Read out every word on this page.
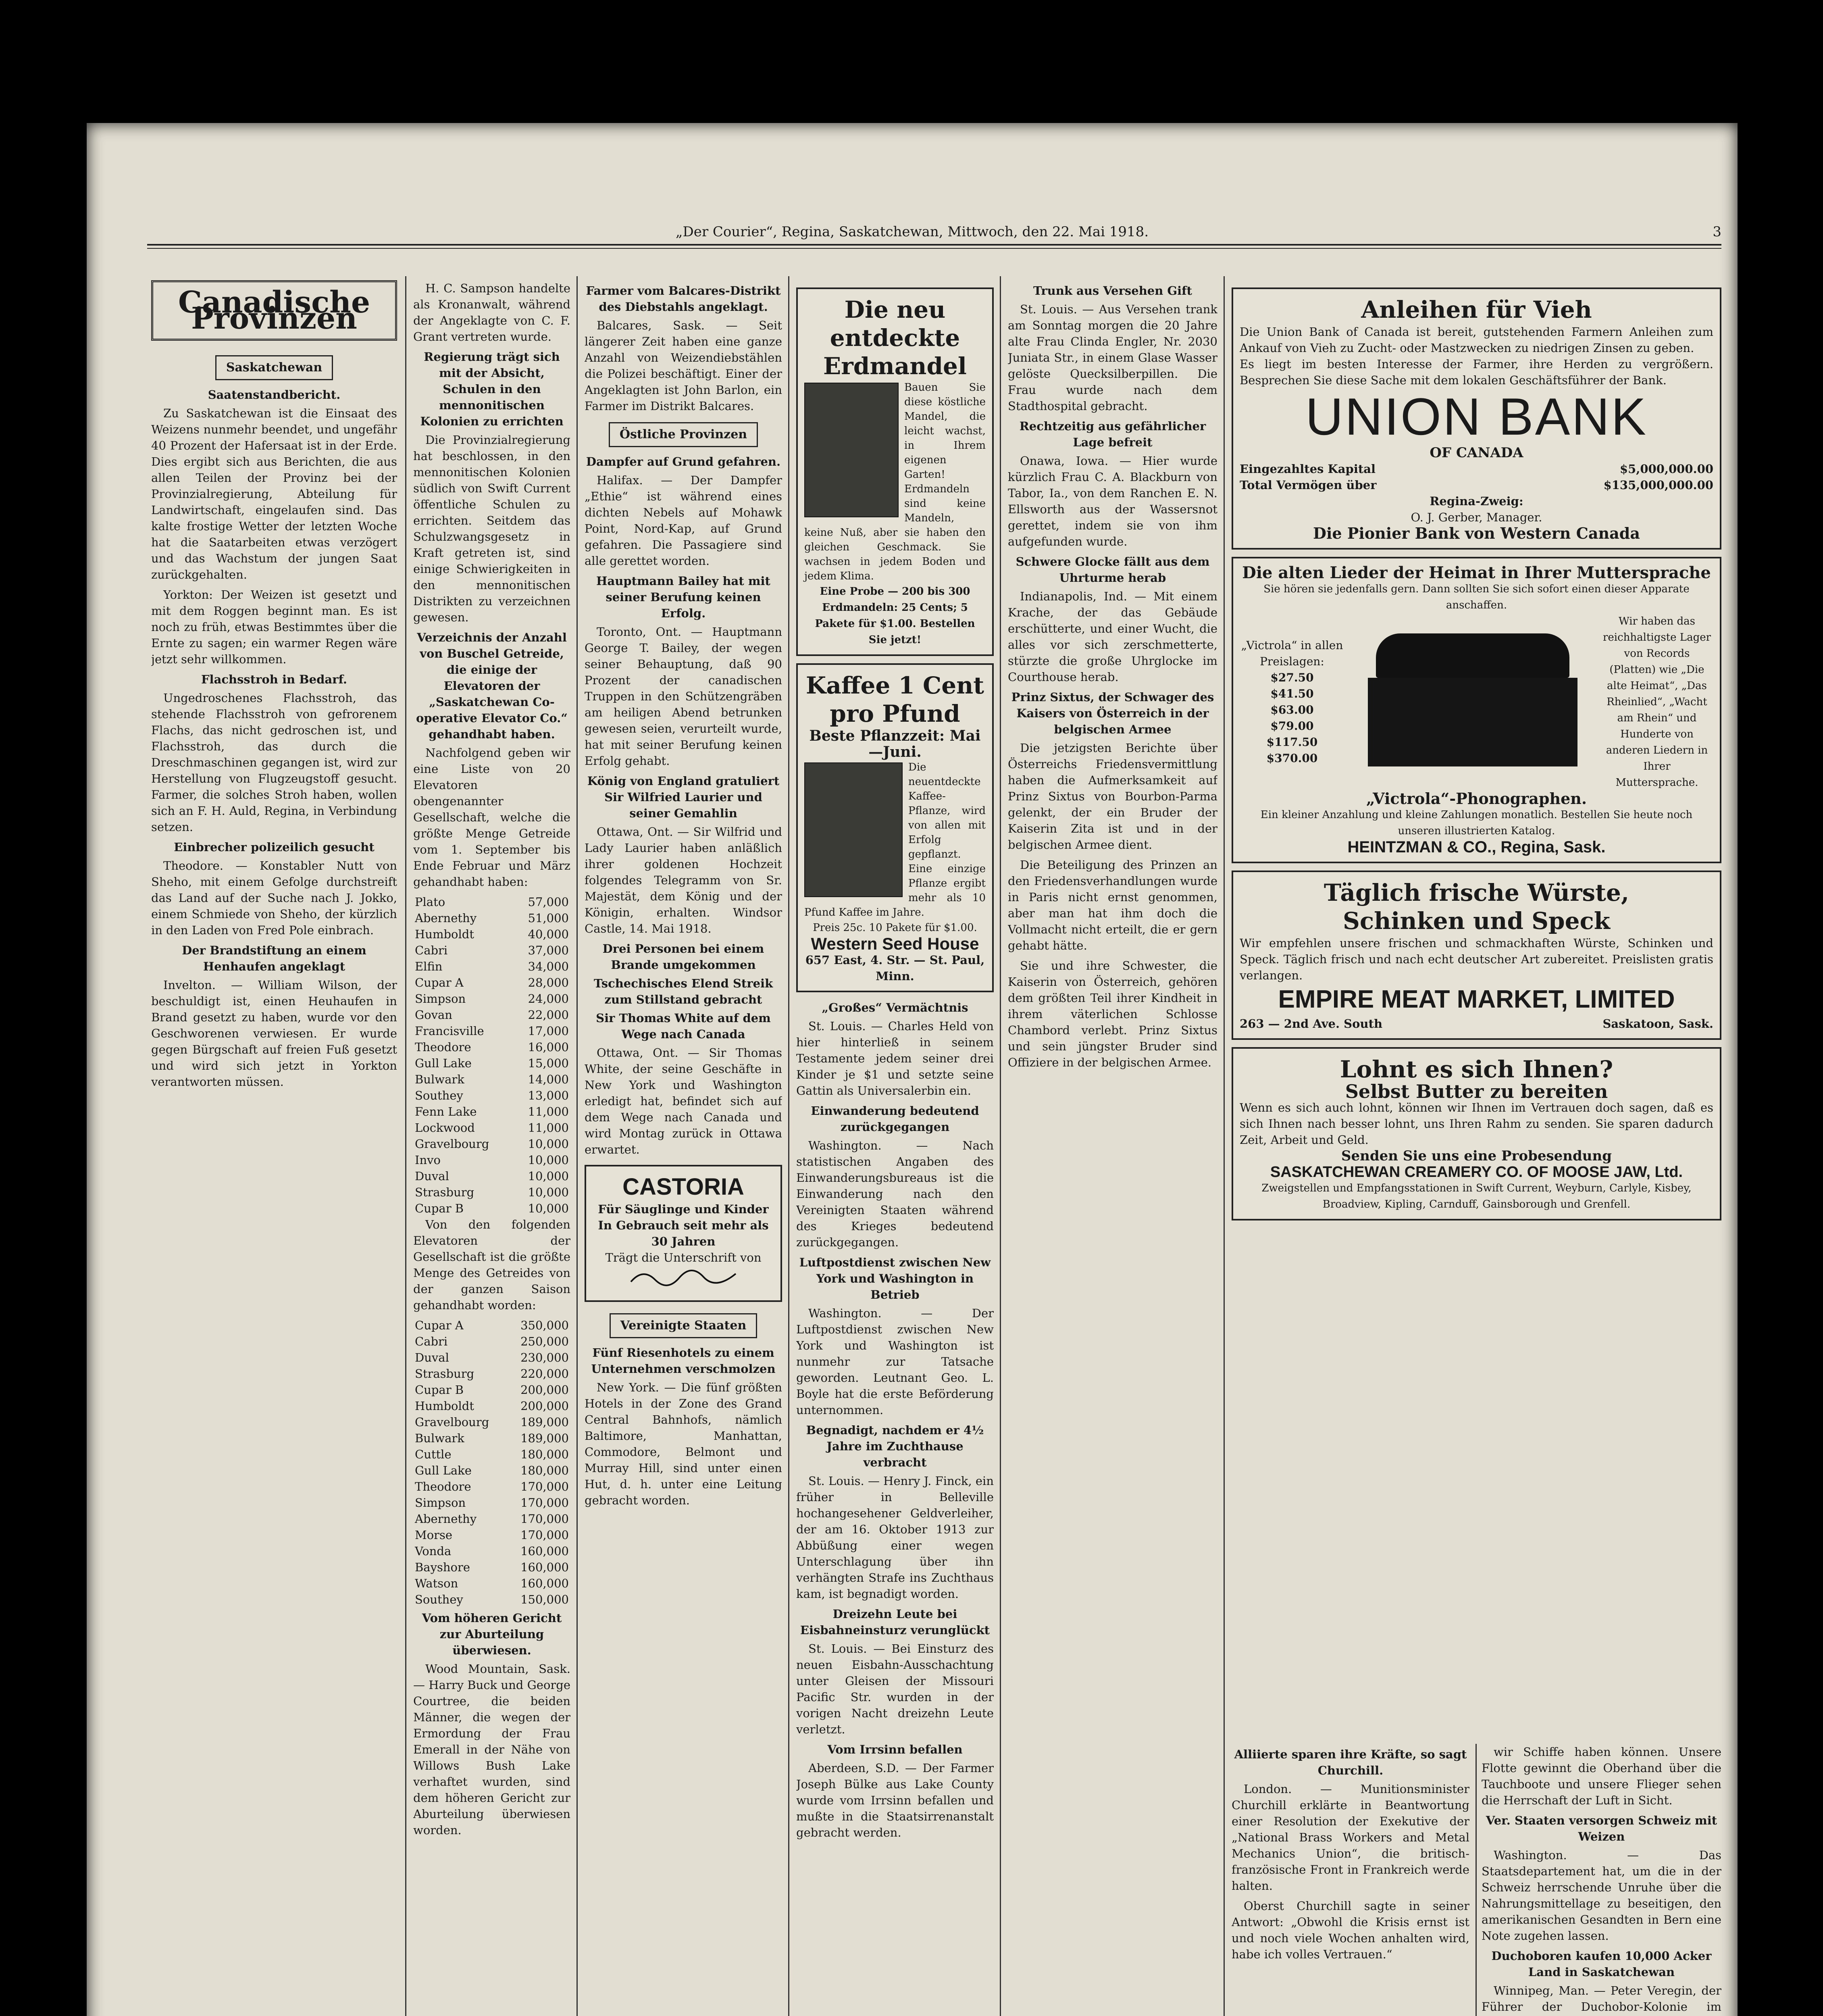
„Der Courier“, Regina, Saskatchewan, Mittwoch, den 22. Mai 1918.	3
Canadische Provinzen
Saskatchewan
Saatenstandbericht.

Zu Saskatchewan ist die Einsaat des Weizens nunmehr beendet, und ungefähr 40 Prozent der Hafersaat ist in der Erde. Dies ergibt sich aus Berichten, die aus allen Teilen der Provinz bei der Provinzialregierung, Abteilung für Landwirtschaft, eingelaufen sind. Das kalte frostige Wetter der letzten Woche hat die Saatarbeiten etwas verzögert und das Wachstum der jungen Saat zurückgehalten.

Yorkton: Der Weizen ist gesetzt und mit dem Roggen beginnt man. Es ist noch zu früh, etwas Bestimmtes über die Ernte zu sagen; ein warmer Regen wäre jetzt sehr willkommen.

Flachsstroh in Bedarf.

Ungedroschenes Flachsstroh, das stehende Flachsstroh von gefrorenem Flachs, das nicht gedroschen ist, und Flachsstroh, das durch die Dreschmaschinen gegangen ist, wird zur Herstellung von Flugzeugstoff gesucht. Farmer, die solches Stroh haben, wollen sich an F. H. Auld, Regina, in Verbindung setzen.

Einbrecher polizeilich gesucht

Theodore. — Konstabler Nutt von Sheho, mit einem Gefolge durchstreift das Land auf der Suche nach J. Jokko, einem Schmiede von Sheho, der kürzlich in den Laden von Fred Pole einbrach.

Der Brandstiftung an einem Henhaufen angeklagt

Invelton. — William Wilson, der beschuldigt ist, einen Heuhaufen in Brand gesetzt zu haben, wurde vor den Geschworenen verwiesen. Er wurde gegen Bürgschaft auf freien Fuß gesetzt und wird sich jetzt in Yorkton verantworten müssen.

H. C. Sampson handelte als Kronanwalt, während der Angeklagte von C. F. Grant vertreten wurde.

Regierung trägt sich mit der Absicht, Schulen in den mennonitischen Kolonien zu errichten

Die Provinzialregierung hat beschlossen, in den mennonitischen Kolonien südlich von Swift Current öffentliche Schulen zu errichten. Seitdem das Schulzwangsgesetz in Kraft getreten ist, sind einige Schwierigkeiten in den mennonitischen Distrikten zu verzeichnen gewesen.

Verzeichnis der Anzahl von Buschel Getreide, die einige der Elevatoren der „Saskatchewan Co-operative Elevator Co.“ gehandhabt haben.

Nachfolgend geben wir eine Liste von 20 Elevatoren obengenannter Gesellschaft, welche die größte Menge Getreide vom 1. September bis Ende Februar und März gehandhabt haben:

Plato	57,000
Abernethy	51,000
Humboldt	40,000
Cabri	37,000
Elfin	34,000
Cupar A	28,000
Simpson	24,000
Govan	22,000
Francisville	17,000
Theodore	16,000
Gull Lake	15,000
Bulwark	14,000
Southey	13,000
Fenn Lake	11,000
Lockwood	11,000
Gravelbourg	10,000
Invo	10,000
Duval	10,000
Strasburg	10,000
Cupar B	10,000

Von den folgenden Elevatoren der Gesellschaft ist die größte Menge des Getreides von der ganzen Saison gehandhabt worden:

Cupar A	350,000
Cabri	250,000
Duval	230,000
Strasburg	220,000
Cupar B	200,000
Humboldt	200,000
Gravelbourg	189,000
Bulwark	189,000
Cuttle	180,000
Gull Lake	180,000
Theodore	170,000
Simpson	170,000
Abernethy	170,000
Morse	170,000
Vonda	160,000
Bayshore	160,000
Watson	160,000
Southey	150,000
Vom höheren Gericht zur Aburteilung überwiesen.

Wood Mountain, Sask. — Harry Buck und George Courtree, die beiden Männer, die wegen der Ermordung der Frau Emerall in der Nähe von Willows Bush Lake verhaftet wurden, sind dem höheren Gericht zur Aburteilung überwiesen worden.

Farmer vom Balcares-Distrikt des Diebstahls angeklagt.

Balcares, Sask. — Seit längerer Zeit haben eine ganze Anzahl von Weizendiebstählen die Polizei beschäftigt. Einer der Angeklagten ist John Barlon, ein Farmer im Distrikt Balcares.

Östliche Provinzen
Dampfer auf Grund gefahren.

Halifax. — Der Dampfer „Ethie“ ist während eines dichten Nebels auf Mohawk Point, Nord-Kap, auf Grund gefahren. Die Passagiere sind alle gerettet worden.

Hauptmann Bailey hat mit seiner Berufung keinen Erfolg.

Toronto, Ont. — Hauptmann George T. Bailey, der wegen seiner Behauptung, daß 90 Prozent der canadischen Truppen in den Schützengräben am heiligen Abend betrunken gewesen seien, verurteilt wurde, hat mit seiner Berufung keinen Erfolg gehabt.

König von England gratuliert Sir Wilfried Laurier und seiner Gemahlin

Ottawa, Ont. — Sir Wilfrid und Lady Laurier haben anläßlich ihrer goldenen Hochzeit folgendes Telegramm von Sr. Majestät, dem König und der Königin, erhalten. Windsor Castle, 14. Mai 1918.

Drei Personen bei einem Brande umgekommen
Tschechisches Elend Streik zum Stillstand gebracht
Sir Thomas White auf dem Wege nach Canada

Ottawa, Ont. — Sir Thomas White, der seine Geschäfte in New York und Washington erledigt hat, befindet sich auf dem Wege nach Canada und wird Montag zurück in Ottawa erwartet.

CASTORIA
Für Säuglinge und Kinder
In Gebrauch seit mehr als 30 Jahren
Trägt die Unterschrift von
Vereinigte Staaten
Fünf Riesenhotels zu einem Unternehmen verschmolzen

New York. — Die fünf größten Hotels in der Zone des Grand Central Bahnhofs, nämlich Baltimore, Manhattan, Commodore, Belmont und Murray Hill, sind unter einen Hut, d. h. unter eine Leitung gebracht worden.

Die neu entdeckte Erdmandel
Bauen Sie diese köstliche Mandel, die leicht wachst, in Ihrem eigenen Garten! Erdmandeln sind keine Mandeln, keine Nuß, aber sie haben den gleichen Geschmack. Sie wachsen in jedem Boden und jedem Klima.
Eine Probe — 200 bis 300 Erdmandeln: 25 Cents; 5 Pakete für $1.00. Bestellen Sie jetzt!
Kaffee 1 Cent pro Pfund
Beste Pflanzzeit: Mai—Juni.
Die neuentdeckte Kaffee-Pflanze, wird von allen mit Erfolg gepflanzt. Eine einzige Pflanze ergibt mehr als 10 Pfund Kaffee im Jahre.
Preis 25c. 10 Pakete für $1.00.
Western Seed House
657 East, 4. Str. — St. Paul, Minn.
„Großes“ Vermächtnis

St. Louis. — Charles Held von hier hinterließ in seinem Testamente jedem seiner drei Kinder je $1 und setzte seine Gattin als Universalerbin ein.

Einwanderung bedeutend zurückgegangen

Washington. — Nach statistischen Angaben des Einwanderungsbureaus ist die Einwanderung nach den Vereinigten Staaten während des Krieges bedeutend zurückgegangen.

Luftpostdienst zwischen New York und Washington in Betrieb

Washington. — Der Luftpostdienst zwischen New York und Washington ist nunmehr zur Tatsache geworden. Leutnant Geo. L. Boyle hat die erste Beförderung unternommen.

Begnadigt, nachdem er 4½ Jahre im Zuchthause verbracht

St. Louis. — Henry J. Finck, ein früher in Belleville hochangesehener Geldverleiher, der am 16. Oktober 1913 zur Abbüßung einer wegen Unterschlagung über ihn verhängten Strafe ins Zuchthaus kam, ist begnadigt worden.

Dreizehn Leute bei Eisbahneinsturz verunglückt

St. Louis. — Bei Einsturz des neuen Eisbahn-Ausschachtung unter Gleisen der Missouri Pacific Str. wurden in der vorigen Nacht dreizehn Leute verletzt.

Vom Irrsinn befallen

Aberdeen, S.D. — Der Farmer Joseph Bülke aus Lake County wurde vom Irrsinn befallen und mußte in die Staatsirrenanstalt gebracht werden.

Trunk aus Versehen Gift

St. Louis. — Aus Versehen trank am Sonntag morgen die 20 Jahre alte Frau Clinda Engler, Nr. 2030 Juniata Str., in einem Glase Wasser gelöste Quecksilberpillen. Die Frau wurde nach dem Stadthospital gebracht.

Rechtzeitig aus gefährlicher Lage befreit

Onawa, Iowa. — Hier wurde kürzlich Frau C. A. Blackburn von Tabor, Ia., von dem Ranchen E. N. Ellsworth aus der Wassersnot gerettet, indem sie von ihm aufgefunden wurde.

Schwere Glocke fällt aus dem Uhrturme herab

Indianapolis, Ind. — Mit einem Krache, der das Gebäude erschütterte, und einer Wucht, die alles vor sich zerschmetterte, stürzte die große Uhrglocke im Courthouse herab.

Prinz Sixtus, der Schwager des Kaisers von Österreich in der belgischen Armee

Die jetzigsten Berichte über Österreichs Friedensvermittlung haben die Aufmerksamkeit auf Prinz Sixtus von Bourbon-Parma gelenkt, der ein Bruder der Kaiserin Zita ist und in der belgischen Armee dient.

Die Beteiligung des Prinzen an den Friedensverhandlungen wurde in Paris nicht ernst genommen, aber man hat ihm doch die Vollmacht nicht erteilt, die er gern gehabt hätte.

Sie und ihre Schwester, die Kaiserin von Österreich, gehören dem größten Teil ihrer Kindheit in ihrem väterlichen Schlosse Chambord verlebt. Prinz Sixtus und sein jüngster Bruder sind Offiziere in der belgischen Armee.

Anleihen für Vieh
Die Union Bank of Canada ist bereit, gutstehenden Farmern Anleihen zum Ankauf von Vieh zu Zucht- oder Mastzwecken zu niedrigen Zinsen zu geben.
Es liegt im besten Interesse der Farmer, ihre Herden zu vergrößern. Besprechen Sie diese Sache mit dem lokalen Geschäftsführer der Bank.
UNION BANK
OF CANADA
Eingezahltes Kapital	$5,000,000.00
Total Vermögen über	$135,000,000.00
Regina-Zweig:
O. J. Gerber, Manager.
Die Pionier Bank von Western Canada
Die alten Lieder der Heimat in Ihrer Muttersprache
Sie hören sie jedenfalls gern. Dann sollten Sie sich sofort einen dieser Apparate anschaffen.
„Victrola“ in allen Preislagen:
$27.50
$41.50
$63.00
$79.00
$117.50
$370.00
Wir haben das reichhaltigste Lager von Records (Platten) wie „Die alte Heimat“, „Das Rheinlied“, „Wacht am Rhein“ und Hunderte von anderen Liedern in Ihrer Muttersprache.
„Victrola“-Phonographen.
Ein kleiner Anzahlung und kleine Zahlungen monatlich. Bestellen Sie heute noch unseren illustrierten Katalog.
HEINTZMAN & CO., Regina, Sask.
Täglich frische Würste,
Schinken und Speck
Wir empfehlen unsere frischen und schmackhaften Würste, Schinken und Speck. Täglich frisch und nach echt deutscher Art zubereitet. Preislisten gratis verlangen.
EMPIRE MEAT MARKET, LIMITED
263 — 2nd Ave. South	Saskatoon, Sask.
Lohnt es sich Ihnen?
Selbst Butter zu bereiten
Wenn es sich auch lohnt, können wir Ihnen im Vertrauen doch sagen, daß es sich Ihnen nach besser lohnt, uns Ihren Rahm zu senden. Sie sparen dadurch Zeit, Arbeit und Geld.
Senden Sie uns eine Probesendung
SASKATCHEWAN CREAMERY CO. OF MOOSE JAW, Ltd.
Zweigstellen und Empfangsstationen in Swift Current, Weyburn, Carlyle, Kisbey, Broadview, Kipling, Carnduff, Gainsborough und Grenfell.
Alliierte sparen ihre Kräfte, so sagt Churchill.

London. — Munitionsminister Churchill erklärte in Beantwortung einer Resolution der Exekutive der „National Brass Workers and Metal Mechanics Union“, die britisch-französische Front in Frankreich werde halten.

Oberst Churchill sagte in seiner Antwort: „Obwohl die Krisis ernst ist und noch viele Wochen anhalten wird, habe ich volles Vertrauen.“

wir Schiffe haben können. Unsere Flotte gewinnt die Oberhand über die Tauchboote und unsere Flieger sehen die Herrschaft der Luft in Sicht.

Ver. Staaten versorgen Schweiz mit Weizen

Washington. — Das Staatsdepartement hat, um die in der Schweiz herrschende Unruhe über die Nahrungsmittellage zu beseitigen, den amerikanischen Gesandten in Bern eine Note zugehen lassen.

Duchoboren kaufen 10,000 Acker Land in Saskatchewan

Winnipeg, Man. — Peter Veregin, der Führer der Duchobor-Kolonie im
